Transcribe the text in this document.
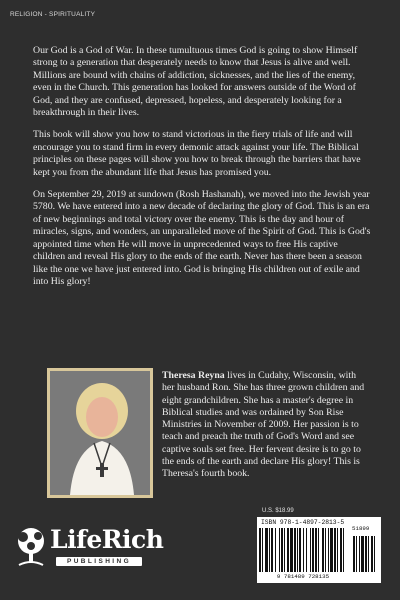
RELIGION - SPIRITUALITY

Our God is a God of War. In these tumultuous times God is going to show Himself strong to a generation that desperately needs to know that Jesus is alive and well. Millions are bound with chains of addiction, sicknesses, and the lies of the enemy, even in the Church. This generation has looked for answers outside of the Word of God, and they are confused, depressed, hopeless, and desperately looking for a breakthrough in their lives.

This book will show you how to stand victorious in the fiery trials of life and will encourage you to stand firm in every demonic attack against your life. The Biblical principles on these pages will show you how to break through the barriers that have kept you from the abundant life that Jesus has promised you.

On September 29, 2019 at sundown (Rosh Hashanah), we moved into the Jewish year 5780. We have entered into a new decade of declaring the glory of God. This is an era of new beginnings and total victory over the enemy. This is the day and hour of miracles, signs, and wonders, an unparalleled move of the Spirit of God. This is God's appointed time when He will move in unprecedented ways to free His captive children and reveal His glory to the ends of the earth. Never has there been a season like the one we have just entered into. God is bringing His children out of exile and into His glory!

Theresa Reyna lives in Cudahy, Wisconsin, with her husband Ron. She has three grown children and eight grandchildren. She has a master's degree in Biblical studies and was ordained by Son Rise Ministries in November of 2009. Her passion is to teach and preach the truth of God's Word and see captive souls set free. Her fervent desire is to go to the ends of the earth and declare His glory! This is Theresa's fourth book.

LifeRich
PUBLISHING
U.S. $18.99
ISBN 978-1-4897-2813-5
9 781489 728135
51899
